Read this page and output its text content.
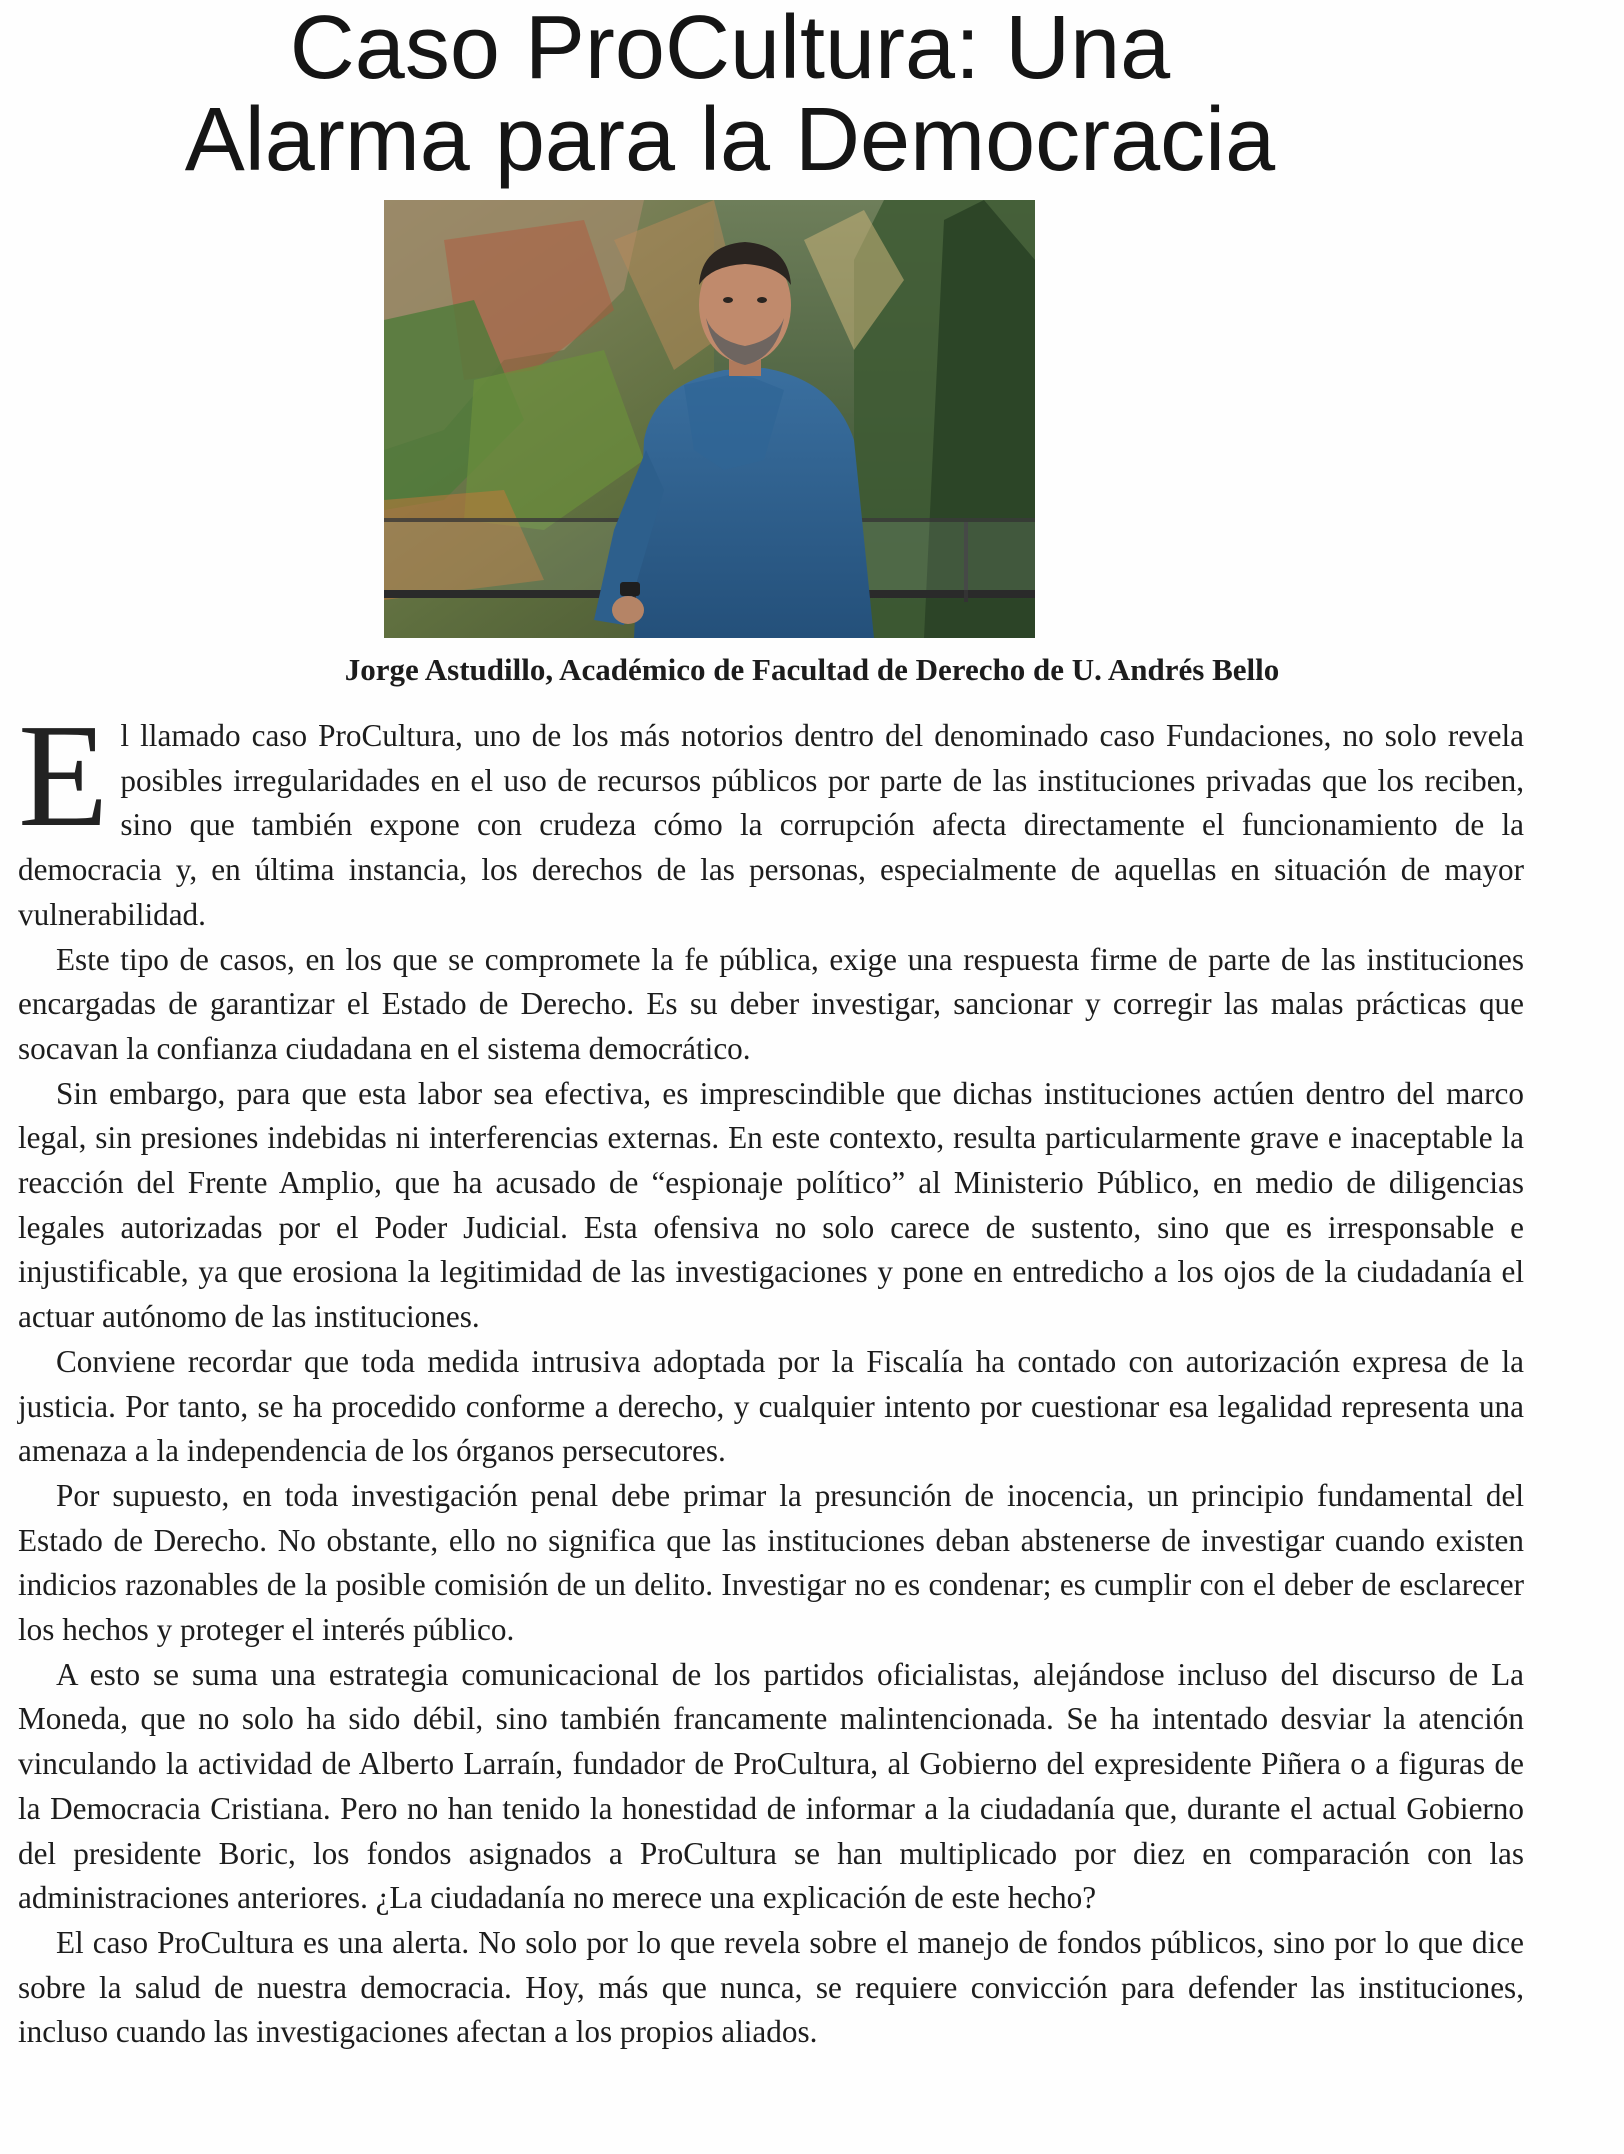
Caso ProCultura: Una
Alarma para la Democracia
Jorge Astudillo, Académico de Facultad de Derecho de U. Andrés Bello

El llamado caso ProCultura, uno de los más notorios dentro del denominado caso Fundaciones, no solo revela posibles irregularidades en el uso de recursos públicos por parte de las instituciones privadas que los reciben, sino que también expone con crudeza cómo la corrupción afecta directamente el funcionamiento de la democracia y, en última instancia, los derechos de las personas, especialmente de aquellas en situación de mayor vulnerabilidad.

Este tipo de casos, en los que se compromete la fe pública, exige una respuesta firme de parte de las instituciones encargadas de garantizar el Estado de Derecho. Es su deber investigar, sancionar y corregir las malas prácticas que socavan la confianza ciudadana en el sistema democrático.

Sin embargo, para que esta labor sea efectiva, es imprescindible que dichas instituciones actúen dentro del marco legal, sin presiones indebidas ni interferencias externas. En este contexto, resulta particularmente grave e inaceptable la reacción del Frente Amplio, que ha acusado de “espionaje político” al Ministerio Público, en medio de diligencias legales autorizadas por el Poder Judicial. Esta ofensiva no solo carece de sustento, sino que es irresponsable e injustificable, ya que erosiona la legitimidad de las investigaciones y pone en entredicho a los ojos de la ciudadanía el actuar autónomo de las instituciones.

Conviene recordar que toda medida intrusiva adoptada por la Fiscalía ha contado con autorización expresa de la justicia. Por tanto, se ha procedido conforme a derecho, y cualquier intento por cuestionar esa legalidad representa una amenaza a la independencia de los órganos persecutores.

Por supuesto, en toda investigación penal debe primar la presunción de inocencia, un principio fundamental del Estado de Derecho. No obstante, ello no significa que las instituciones deban abstenerse de investigar cuando existen indicios razonables de la posible comisión de un delito. Investigar no es condenar; es cumplir con el deber de esclarecer los hechos y proteger el interés público.

A esto se suma una estrategia comunicacional de los partidos oficialistas, alejándose incluso del discurso de La Moneda, que no solo ha sido débil, sino también francamente malintencionada. Se ha intentado desviar la atención vinculando la actividad de Alberto Larraín, fundador de ProCultura, al Gobierno del expresidente Piñera o a figuras de la Democracia Cristiana. Pero no han tenido la honestidad de informar a la ciudadanía que, durante el actual Gobierno del presidente Boric, los fondos asignados a ProCultura se han multiplicado por diez en comparación con las administraciones anteriores. ¿La ciudadanía no merece una explicación de este hecho?

El caso ProCultura es una alerta. No solo por lo que revela sobre el manejo de fondos públicos, sino por lo que dice sobre la salud de nuestra democracia. Hoy, más que nunca, se requiere convicción para defender las instituciones, incluso cuando las investigaciones afectan a los propios aliados.
